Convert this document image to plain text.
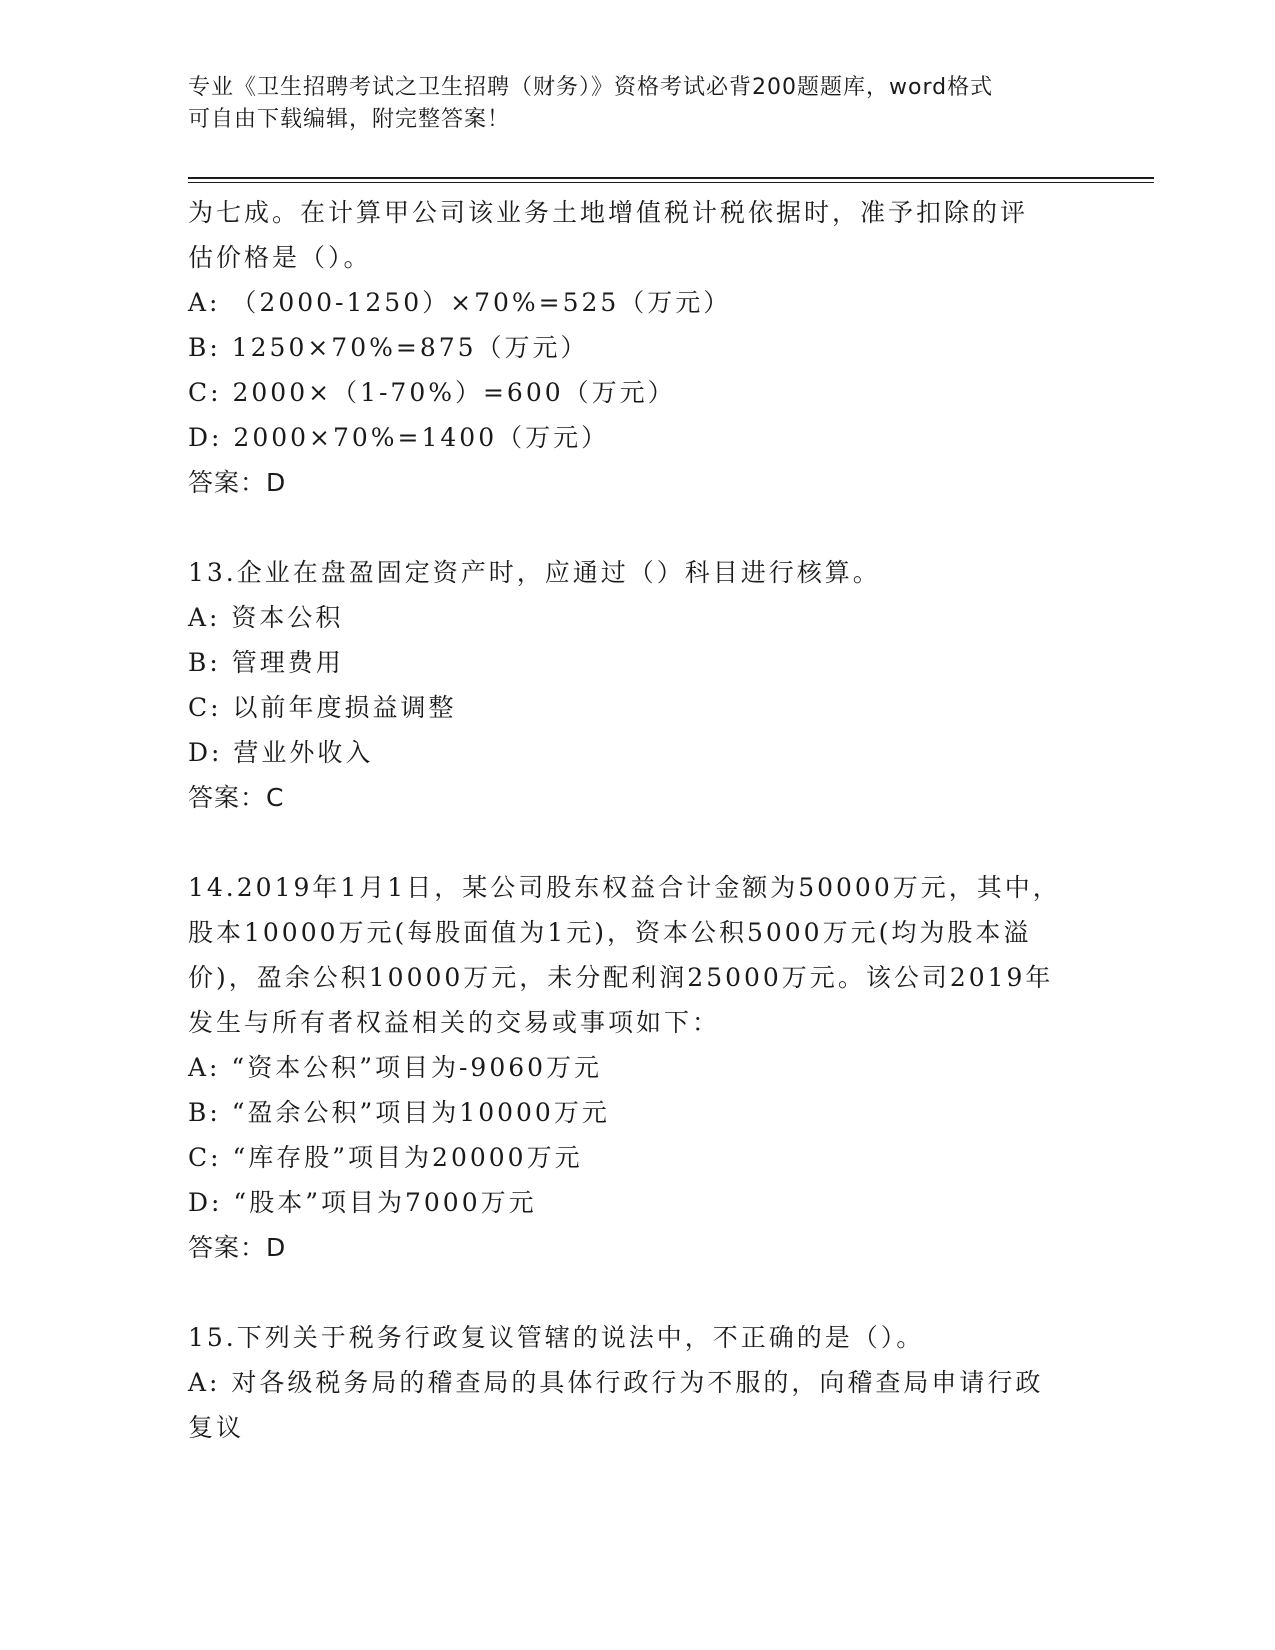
专业《卫生招聘考试之卫生招聘（财务）》资格考试必背200题题库，word格式
可自由下载编辑，附完整答案！
为七成。在计算甲公司该业务土地增值税计税依据时，准予扣除的评
估价格是（）。
A: （2000-1250）×70%=525（万元）
B: 1250×70%=875（万元）
C: 2000×（1-70%）=600（万元）
D: 2000×70%=1400（万元）
答案：D
13.企业在盘盈固定资产时，应通过（）科目进行核算。
A: 资本公积
B: 管理费用
C: 以前年度损益调整
D: 营业外收入
答案：C
14.2019年1月1日，某公司股东权益合计金额为50000万元，其中，
股本10000万元(每股面值为1元)，资本公积5000万元(均为股本溢
价)，盈余公积10000万元，未分配利润25000万元。该公司2019年
发生与所有者权益相关的交易或事项如下：
A: “资本公积”项目为-9060万元
B: “盈余公积”项目为10000万元
C: “库存股”项目为20000万元
D: “股本”项目为7000万元
答案：D
15.下列关于税务行政复议管辖的说法中，不正确的是（）。
A: 对各级税务局的稽查局的具体行政行为不服的，向稽查局申请行政
复议
